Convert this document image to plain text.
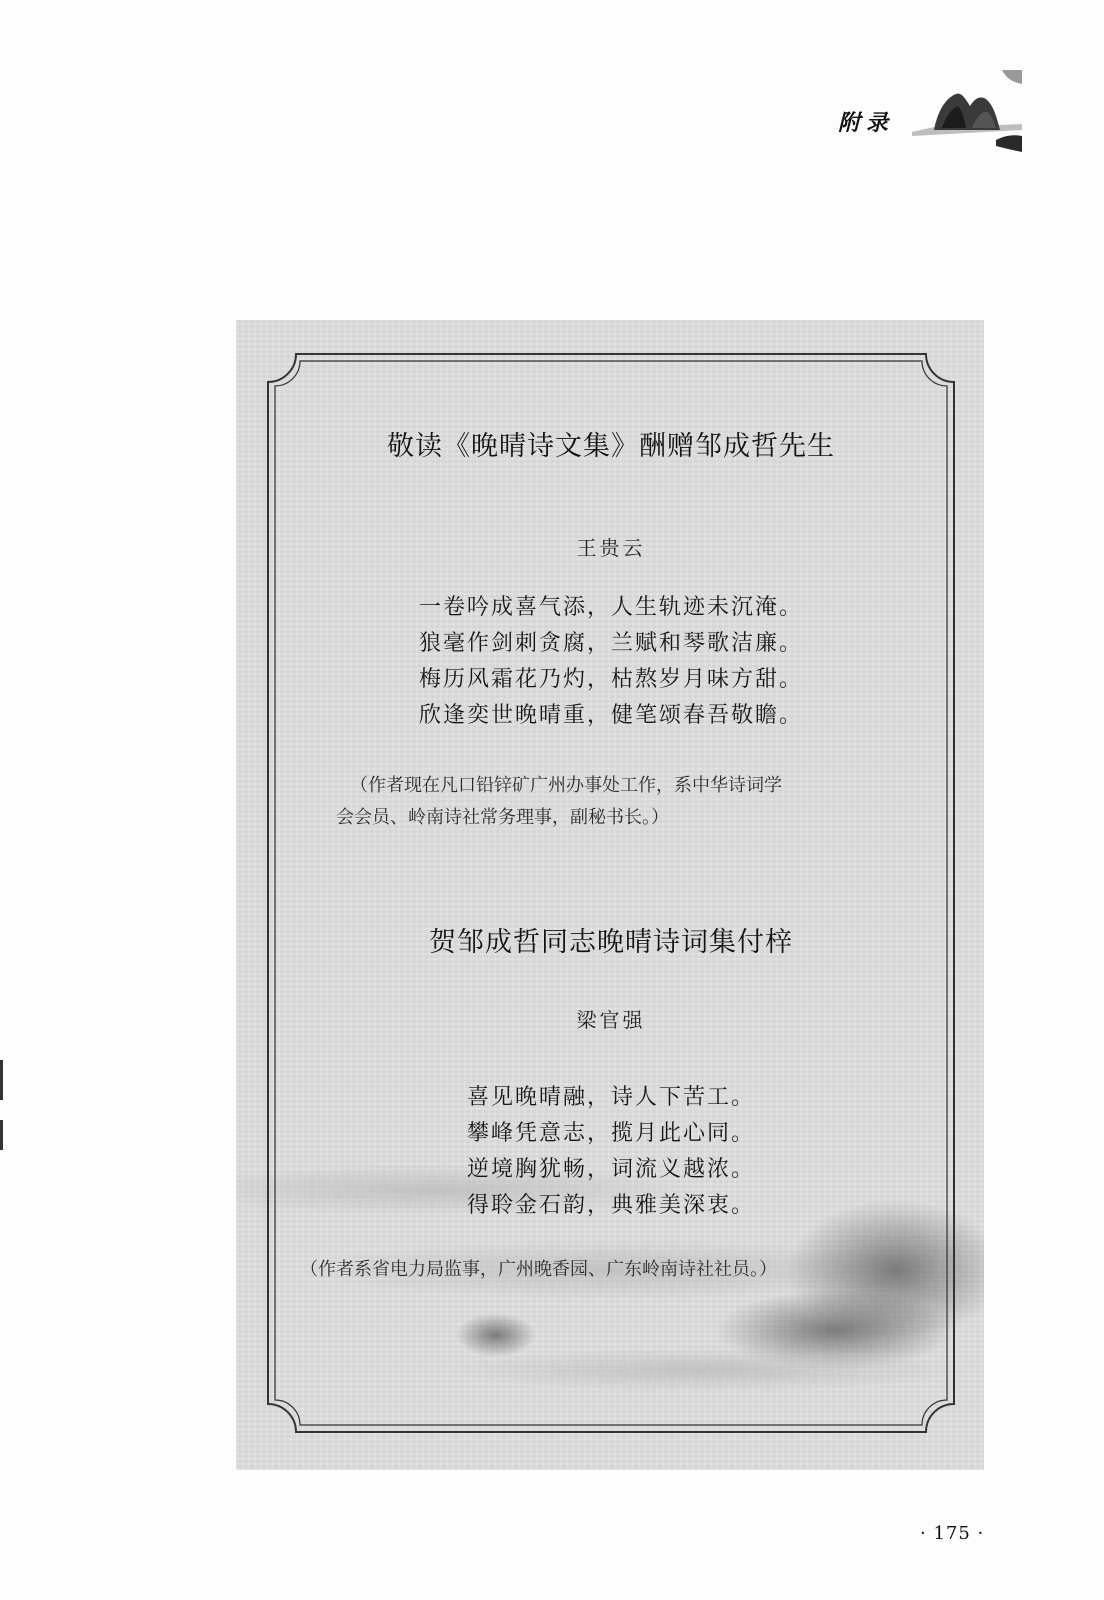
附录
敬读《晚晴诗文集》酬赠邹成哲先生
王贵云
一卷吟成喜气添，人生轨迹未沉淹。
狼毫作剑刺贪腐，兰赋和琴歌洁廉。
梅历风霜花乃灼，枯熬岁月味方甜。
欣逢奕世晚晴重，健笔颂春吾敬瞻。
（作者现在凡口铅锌矿广州办事处工作，系中华诗词学
会会员、岭南诗社常务理事，副秘书长。）
贺邹成哲同志晚晴诗词集付梓
梁官强
喜见晚晴融，诗人下苦工。
攀峰凭意志，揽月此心同。
逆境胸犹畅，词流义越浓。
得聆金石韵，典雅美深衷。
（作者系省电力局监事，广州晚香园、广东岭南诗社社员。）
· 175 ·
